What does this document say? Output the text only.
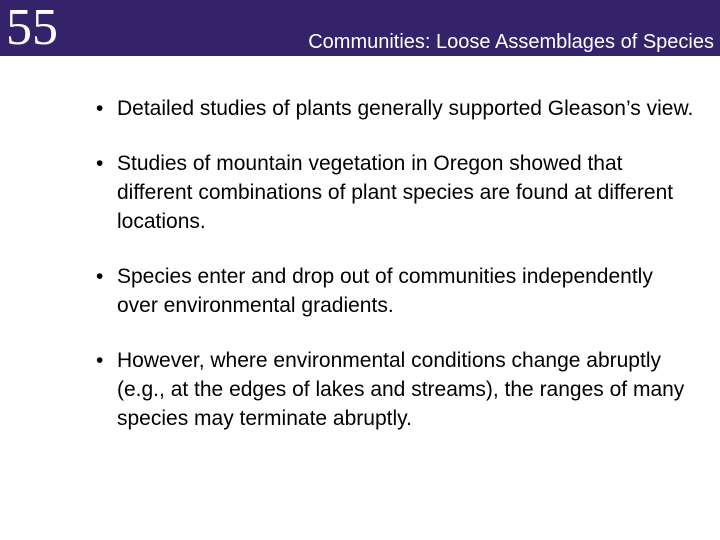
55	Communities: Loose Assemblages of Species
• Detailed studies of plants generally supported Gleason’s view.
• Studies of mountain vegetation in Oregon showed that different combinations of plant species are found at different locations.
• Species enter and drop out of communities independently over environmental gradients.
• However, where environmental conditions change abruptly (e.g., at the edges of lakes and streams), the ranges of many species may terminate abruptly.
